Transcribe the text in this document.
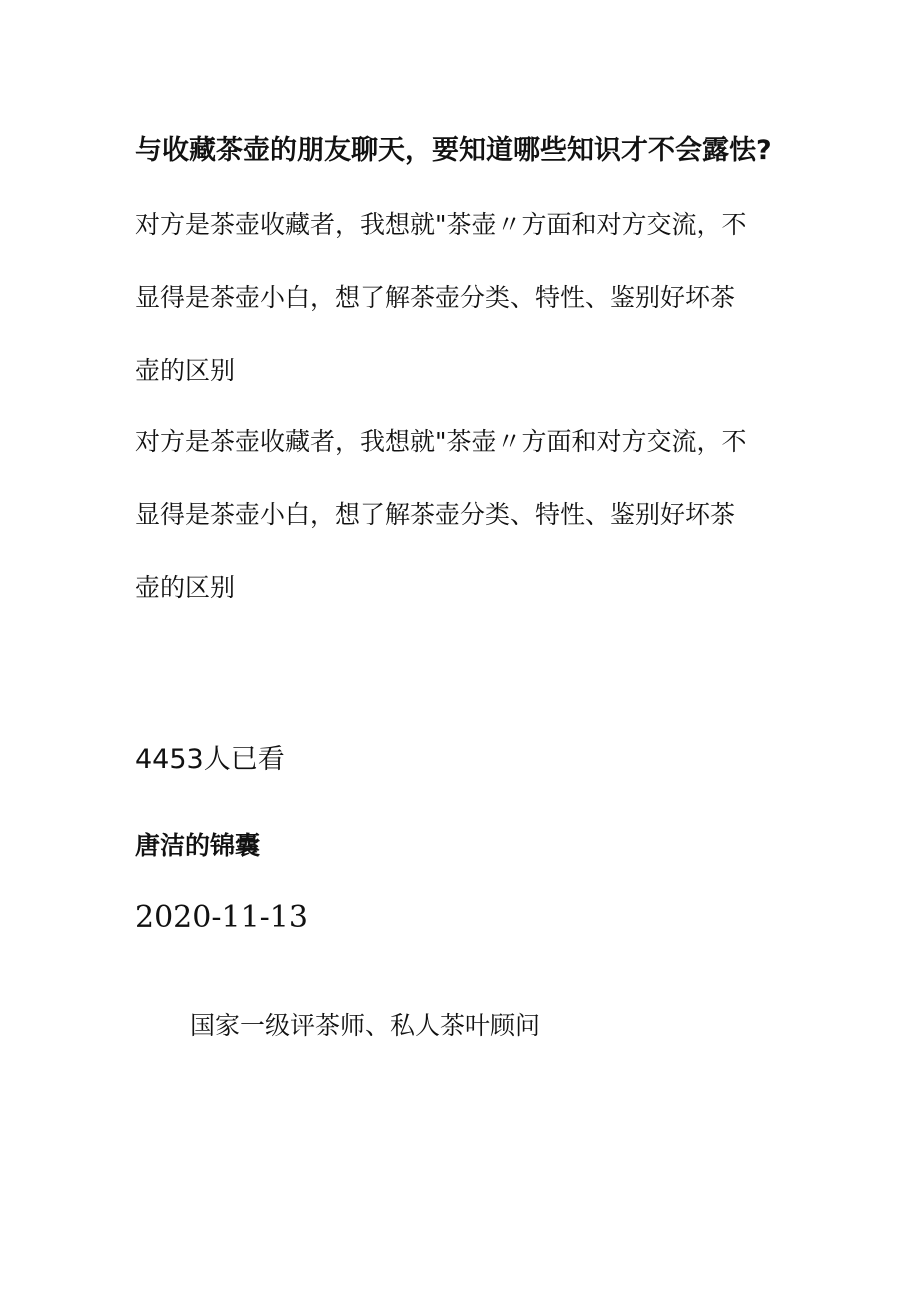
与收藏茶壶的朋友聊天，要知道哪些知识才不会露怯?
对方是茶壶收藏者，我想就"茶壶〃方面和对方交流，不
显得是茶壶小白，想了解茶壶分类、特性、鉴别好坏茶
壶的区别
对方是茶壶收藏者，我想就"茶壶〃方面和对方交流，不
显得是茶壶小白，想了解茶壶分类、特性、鉴别好坏茶
壶的区别
4453人已看
唐洁的锦囊
2020-11-13
国家一级评茶师、私人茶叶顾问
